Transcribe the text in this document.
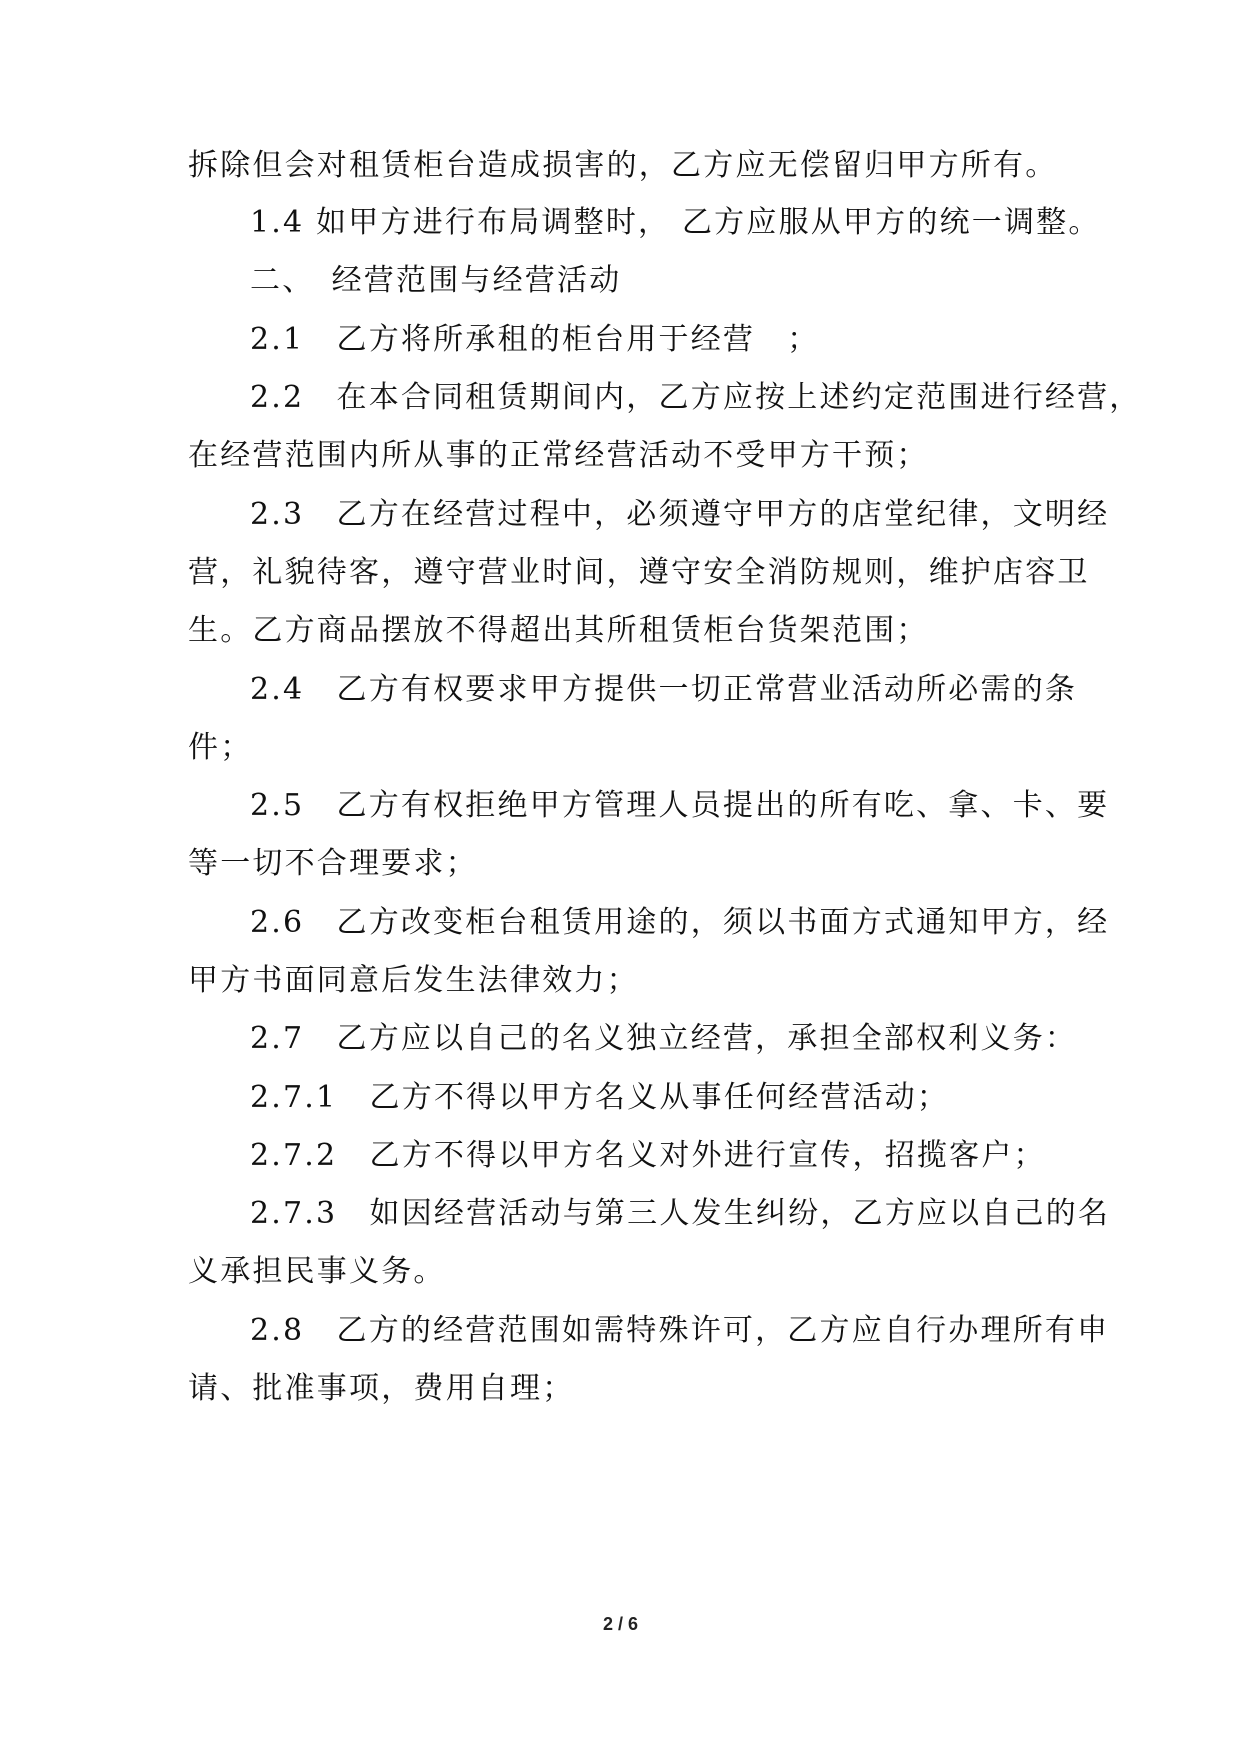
拆除但会对租赁柜台造成损害的，乙方应无偿留归甲方所有。
1.4 如甲方进行布局调整时， 乙方应服从甲方的统一调整。
二、　经营范围与经营活动
2.1　乙方将所承租的柜台用于经营　；
2.2　在本合同租赁期间内，乙方应按上述约定范围进行经营，
在经营范围内所从事的正常经营活动不受甲方干预；
2.3　乙方在经营过程中，必须遵守甲方的店堂纪律，文明经
营，礼貌待客，遵守营业时间，遵守安全消防规则，维护店容卫
生。乙方商品摆放不得超出其所租赁柜台货架范围；
2.4　乙方有权要求甲方提供一切正常营业活动所必需的条
件；
2.5　乙方有权拒绝甲方管理人员提出的所有吃、拿、卡、要
等一切不合理要求；
2.6　乙方改变柜台租赁用途的，须以书面方式通知甲方，经
甲方书面同意后发生法律效力；
2.7　乙方应以自己的名义独立经营，承担全部权利义务：
2.7.1　乙方不得以甲方名义从事任何经营活动；
2.7.2　乙方不得以甲方名义对外进行宣传，招揽客户；
2.7.3　如因经营活动与第三人发生纠纷，乙方应以自己的名
义承担民事义务。
2.8　乙方的经营范围如需特殊许可，乙方应自行办理所有申
请、批准事项，费用自理；
2 / 6
